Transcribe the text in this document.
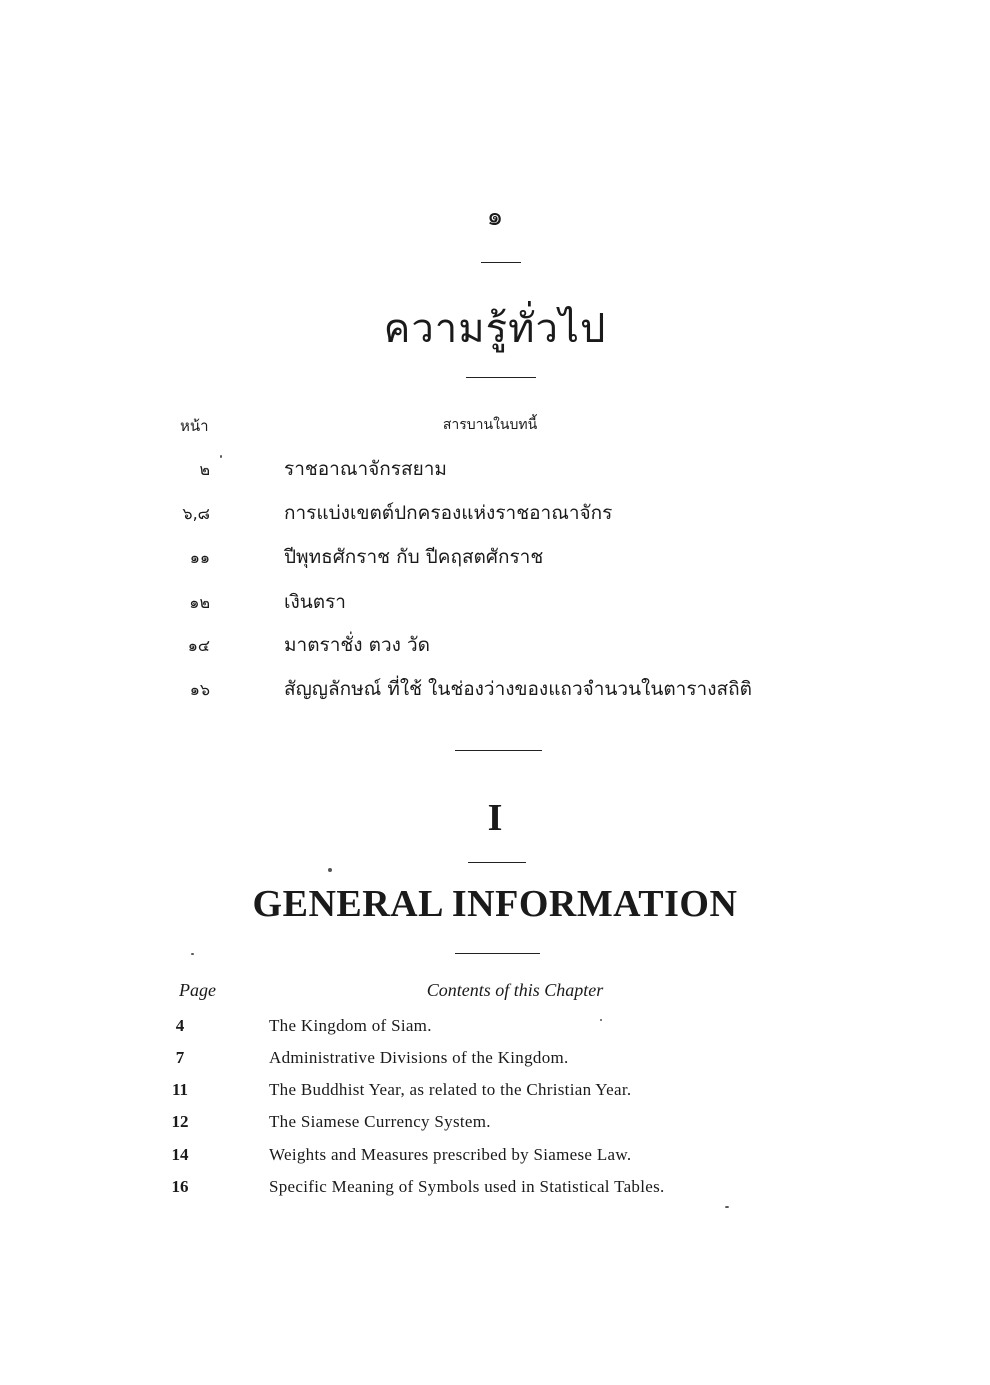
๑
ความรู้ทั่วไป
หน้า	สารบานในบทนี้
๒	ราชอาณาจักรสยาม
๖,๘	การแบ่งเขตต์ปกครองแห่งราชอาณาจักร
๑๑	ปีพุทธศักราช กับ ปีคฤสตศักราช
๑๒	เงินตรา
๑๔	มาตราชั่ง ตวง วัด
๑๖	สัญญลักษณ์ ที่ใช้ ในช่องว่างของแถวจำนวนในตารางสถิติ
I
GENERAL INFORMATION
Page	Contents of this Chapter
4	The Kingdom of Siam.
7	Administrative Divisions of the Kingdom.
11	The Buddhist Year, as related to the Christian Year.
12	The Siamese Currency System.
14	Weights and Measures prescribed by Siamese Law.
16	Specific Meaning of Symbols used in Statistical Tables.
